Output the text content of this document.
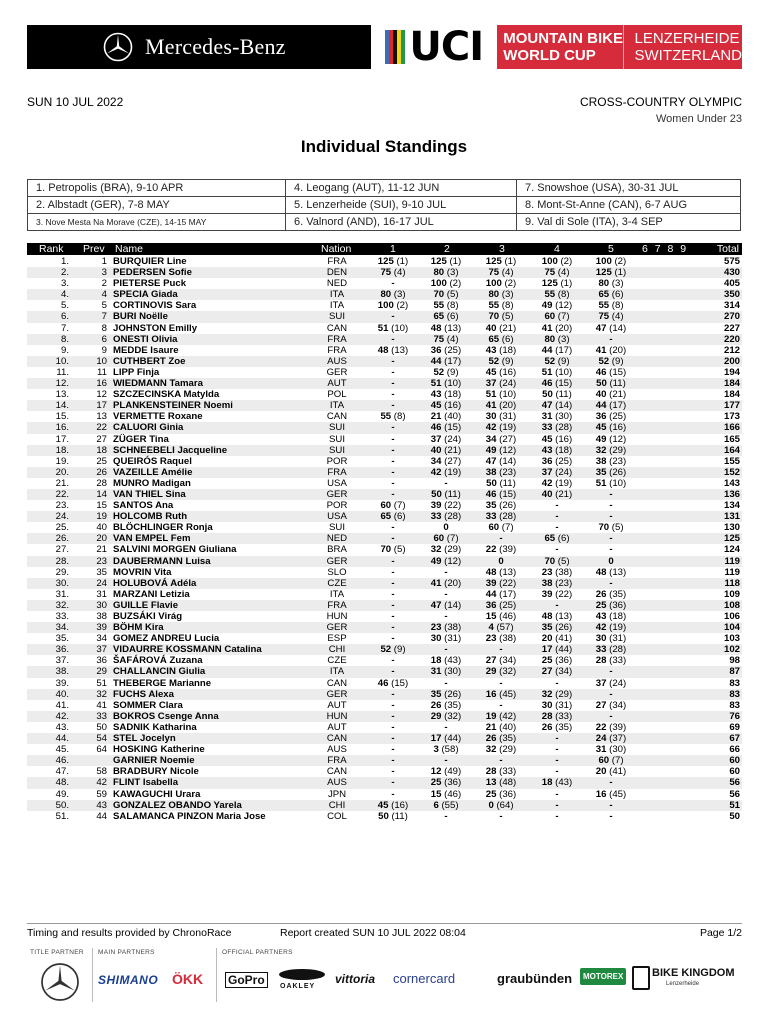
Mercedes-Benz	UCI MOUNTAIN BIKE
WORLD CUP
LENZERHEIDE
SWITZERLAND
SUN 10 JUL 2022	CROSS-COUNTRY OLYMPIC
Women Under 23
Individual Standings
1. Petropolis (BRA), 9-10 APR	4. Leogang (AUT), 11-12 JUN	7. Snowshoe (USA), 30-31 JUL
2. Albstadt (GER), 7-8 MAY	5. Lenzerheide (SUI), 9-10 JUL	8. Mont-St-Anne (CAN), 6-7 AUG
3. Nove Mesta Na Morave (CZE), 14-15 MAY	6. Valnord (AND), 16-17 JUL	9. Val di Sole (ITA), 3-4 SEP
Rank Prev Name	Nation	1	2	3	4	5	6 7 8 9	Total
1.	1 BURQUIER Line	FRA	125 (1)	125 (1)	125 (1)	100 (2)	100 (2)	575
2.	3 PEDERSEN Sofie	DEN	75 (4)	80 (3)	75 (4)	75 (4)	125 (1)	430
3.	2 PIETERSE Puck	NED	-	100 (2)	100 (2)	125 (1)	80 (3)	405
4.	4 SPECIA Giada	ITA	80 (3)	70 (5)	80 (3)	55 (8)	65 (6)	350
5.	5 CORTINOVIS Sara	ITA	100 (2)	55 (8)	55 (8)	49 (12)	55 (8)	314
6.	7 BURI Noëlle	SUI	-	65 (6)	70 (5)	60 (7)	75 (4)	270
7.	8 JOHNSTON Emilly	CAN	51 (10)	48 (13)	40 (21)	41 (20)	47 (14)	227
8.	6 ONESTI Olivia	FRA	-	75 (4)	65 (6)	80 (3)	-	220
9.	9 MEDDE Isaure	FRA	48 (13)	36 (25)	43 (18)	44 (17)	41 (20)	212
10.	10 CUTHBERT Zoe	AUS	-	44 (17)	52 (9)	52 (9)	52 (9)	200
11.	11 LIPP Finja	GER	-	52 (9)	45 (16)	51 (10)	46 (15)	194
12.	16 WIEDMANN Tamara	AUT	-	51 (10)	37 (24)	46 (15)	50 (11)	184
13.	12 SZCZECINSKA Matylda	POL	-	43 (18)	51 (10)	50 (11)	40 (21)	184
14.	17 PLANKENSTEINER Noemi	ITA	-	45 (16)	41 (20)	47 (14)	44 (17)	177
15.	13 VERMETTE Roxane	CAN	55 (8)	21 (40)	30 (31)	31 (30)	36 (25)	173
16.	22 CALUORI Ginia	SUI	-	46 (15)	42 (19)	33 (28)	45 (16)	166
17.	27 ZÜGER Tina	SUI	-	37 (24)	34 (27)	45 (16)	49 (12)	165
18.	18 SCHNEEBELI Jacqueline	SUI	-	40 (21)	49 (12)	43 (18)	32 (29)	164
19.	25 QUEIRÓS Raquel	POR	-	34 (27)	47 (14)	36 (25)	38 (23)	155
20.	26 VAZEILLE Amélie	FRA	-	42 (19)	38 (23)	37 (24)	35 (26)	152
21.	28 MUNRO Madigan	USA	-	-	50 (11)	42 (19)	51 (10)	143
22.	14 VAN THIEL Sina	GER	-	50 (11)	46 (15)	40 (21)	-	136
23.	15 SANTOS Ana	POR	60 (7)	39 (22)	35 (26)	-	-	134
24.	19 HOLCOMB Ruth	USA	65 (6)	33 (28)	33 (28)	-	-	131
25.	40 BLÖCHLINGER Ronja	SUI	-	0	60 (7)	-	70 (5)	130
26.	20 VAN EMPEL Fem	NED	-	60 (7)	-	65 (6)	-	125
27.	21 SALVINI MORGEN Giuliana	BRA	70 (5)	32 (29)	22 (39)	-	-	124
28.	23 DAUBERMANN Luisa	GER	-	49 (12)	0	70 (5)	0	119
29.	35 MOVRIN Vita	SLO	-	-	48 (13)	23 (38)	48 (13)	119
30.	24 HOLUBOVÁ Adéla	CZE	-	41 (20)	39 (22)	38 (23)	-	118
31.	31 MARZANI Letizia	ITA	-	-	44 (17)	39 (22)	26 (35)	109
32.	30 GUILLE Flavie	FRA	-	47 (14)	36 (25)	-	25 (36)	108
33.	38 BUZSÁKI Virág	HUN	-	-	15 (46)	48 (13)	43 (18)	106
34.	39 BÖHM Kira	GER	-	23 (38)	4 (57)	35 (26)	42 (19)	104
35.	34 GOMEZ ANDREU Lucia	ESP	-	30 (31)	23 (38)	20 (41)	30 (31)	103
36.	37 VIDAURRE KOSSMANN Catalina	CHI	52 (9)	-	-	17 (44)	33 (28)	102
37.	36 ŠAFÁROVÁ Zuzana	CZE	-	18 (43)	27 (34)	25 (36)	28 (33)	98
38.	29 CHALLANCIN Giulia	ITA	-	31 (30)	29 (32)	27 (34)	-	87
39.	51 THEBERGE Marianne	CAN	46 (15)	-	-	-	37 (24)	83
40.	32 FUCHS Alexa	GER	-	35 (26)	16 (45)	32 (29)	-	83
41.	41 SOMMER Clara	AUT	-	26 (35)	-	30 (31)	27 (34)	83
42.	33 BOKROS Csenge Anna	HUN	-	29 (32)	19 (42)	28 (33)	-	76
43.	50 SADNIK Katharina	AUT	-	-	21 (40)	26 (35)	22 (39)	69
44.	54 STEL Jocelyn	CAN	-	17 (44)	26 (35)	-	24 (37)	67
45.	64 HOSKING Katherine	AUS	-	3 (58)	32 (29)	-	31 (30)	66
46.	GARNIER Noemie	FRA	-	-	-	-	60 (7)	60
47.	58 BRADBURY Nicole	CAN	-	12 (49)	28 (33)	-	20 (41)	60
48.	42 FLINT Isabella	AUS	-	25 (36)	13 (48)	18 (43)	-	56
49.	59 KAWAGUCHI Urara	JPN	-	15 (46)	25 (36)	-	16 (45)	56
50.	43 GONZALEZ OBANDO Yarela	CHI	45 (16)	6 (55)	0 (64)	-	-	51
51.	44 SALAMANCA PINZON Maria Jose	COL	50 (11)	-	-	-	-	50
Timing and results provided by ChronoRace	Report created SUN 10 JUL 2022 08:04	Page 1/2
TITLE PARTNER MAIN PARTNERS	OFFICIAL PARTNERS
SHIMANO ÖKK GoPro	OAKLEY
vittoria cornercard	graubünden	MOTOREX	BIKE KINGDOM
Lenzerheide
